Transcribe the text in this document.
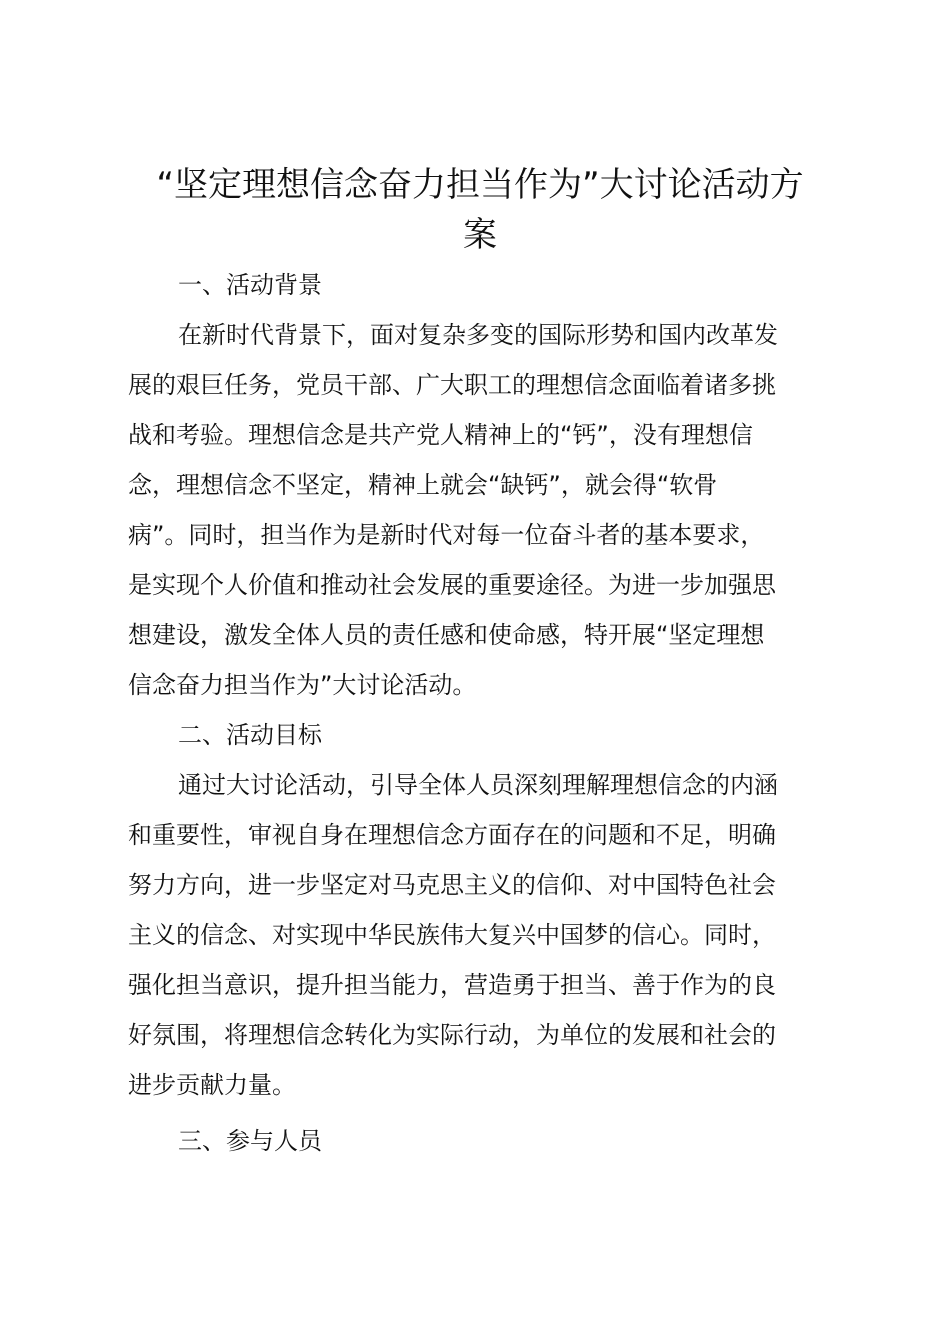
“坚定理想信念奋力担当作为”大讨论活动方
案
一、活动背景

在新时代背景下，面对复杂多变的国际形势和国内改革发
展的艰巨任务，党员干部、广大职工的理想信念面临着诸多挑
战和考验。理想信念是共产党人精神上的“钙”，没有理想信
念，理想信念不坚定，精神上就会“缺钙”，就会得“软骨
病”。同时，担当作为是新时代对每一位奋斗者的基本要求，
是实现个人价值和推动社会发展的重要途径。为进一步加强思
想建设，激发全体人员的责任感和使命感，特开展“坚定理想
信念奋力担当作为”大讨论活动。

二、活动目标

通过大讨论活动，引导全体人员深刻理解理想信念的内涵
和重要性，审视自身在理想信念方面存在的问题和不足，明确
努力方向，进一步坚定对马克思主义的信仰、对中国特色社会
主义的信念、对实现中华民族伟大复兴中国梦的信心。同时，
强化担当意识，提升担当能力，营造勇于担当、善于作为的良
好氛围，将理想信念转化为实际行动，为单位的发展和社会的
进步贡献力量。

三、参与人员
